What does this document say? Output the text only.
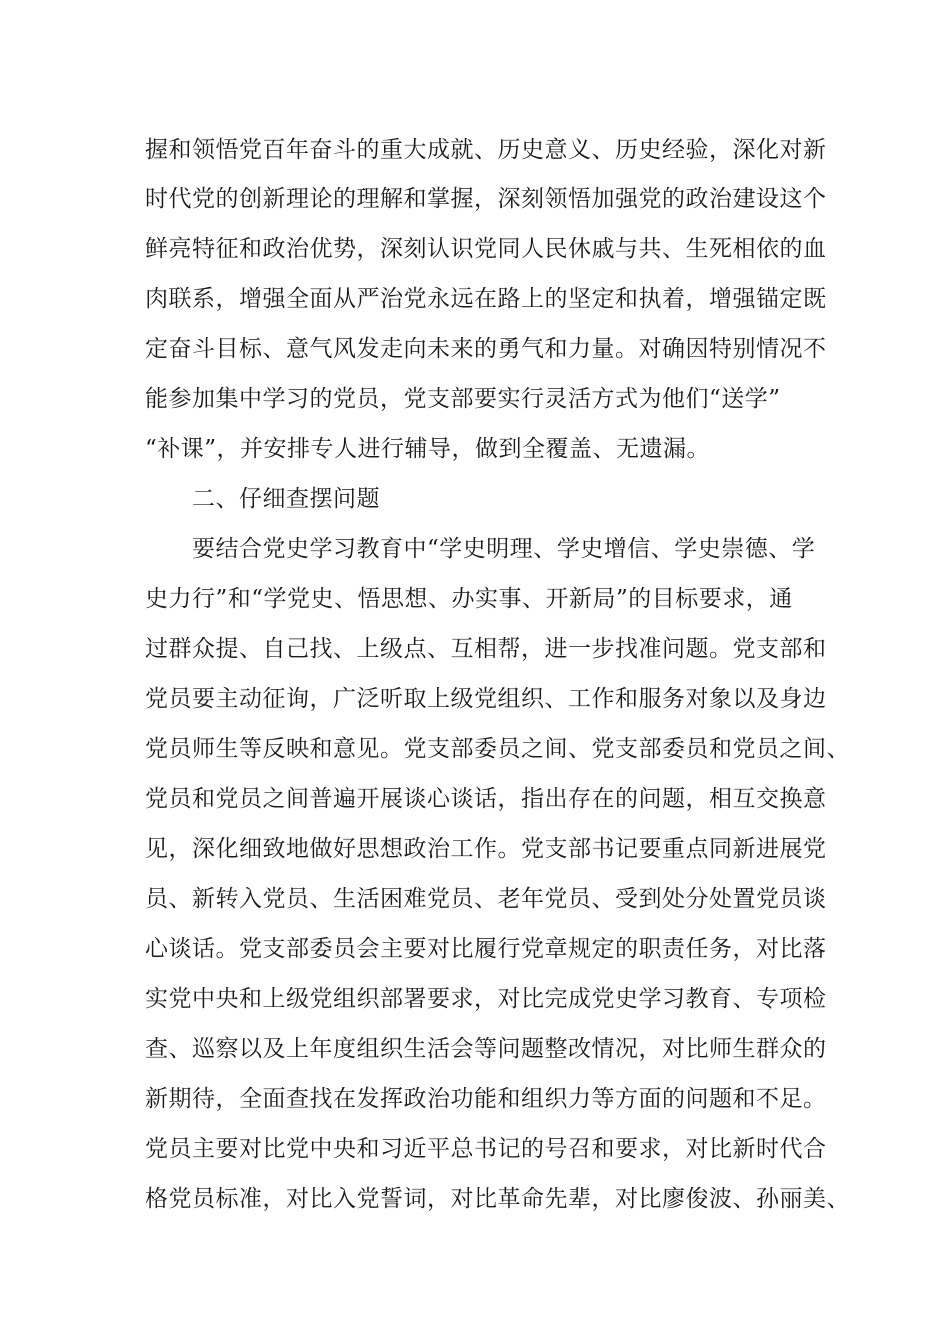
握和领悟党百年奋斗的重大成就、历史意义、历史经验，深化对新
时代党的创新理论的理解和掌握，深刻领悟加强党的政治建设这个
鲜亮特征和政治优势，深刻认识党同人民休戚与共、生死相依的血
肉联系，增强全面从严治党永远在路上的坚定和执着，增强锚定既
定奋斗目标、意气风发走向未来的勇气和力量。对确因特别情况不
能参加集中学习的党员，党支部要实行灵活方式为他们“送学”
“补课”，并安排专人进行辅导，做到全覆盖、无遗漏。
二、仔细查摆问题
要结合党史学习教育中“学史明理、学史增信、学史崇德、学
史力行”和“学党史、悟思想、办实事、开新局”的目标要求，通
过群众提、自己找、上级点、互相帮，进一步找准问题。党支部和
党员要主动征询，广泛听取上级党组织、工作和服务对象以及身边
党员师生等反映和意见。党支部委员之间、党支部委员和党员之间、
党员和党员之间普遍开展谈心谈话，指出存在的问题，相互交换意
见，深化细致地做好思想政治工作。党支部书记要重点同新进展党
员、新转入党员、生活困难党员、老年党员、受到处分处置党员谈
心谈话。党支部委员会主要对比履行党章规定的职责任务，对比落
实党中央和上级党组织部署要求，对比完成党史学习教育、专项检
查、巡察以及上年度组织生活会等问题整改情况，对比师生群众的
新期待，全面查找在发挥政治功能和组织力等方面的问题和不足。
党员主要对比党中央和习近平总书记的号召和要求，对比新时代合
格党员标准，对比入党誓词，对比革命先辈，对比廖俊波、孙丽美、
